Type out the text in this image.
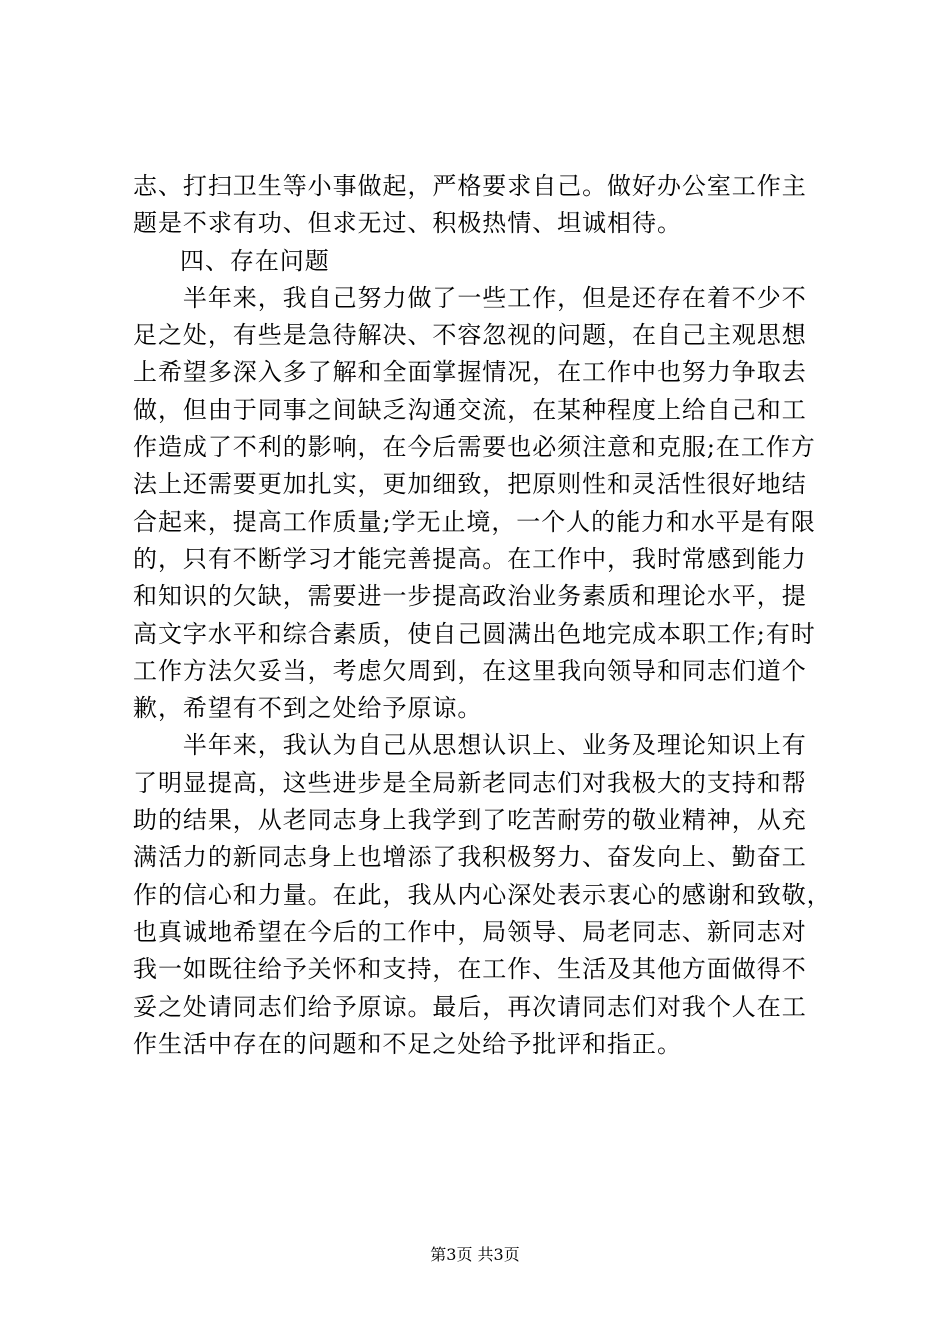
志、打扫卫生等小事做起，严格要求自己。做好办公室工作主
题是不求有功、但求无过、积极热情、坦诚相待。
四、存在问题
　　半年来，我自己努力做了一些工作，但是还存在着不少不
足之处，有些是急待解决、不容忽视的问题，在自己主观思想
上希望多深入多了解和全面掌握情况，在工作中也努力争取去
做，但由于同事之间缺乏沟通交流，在某种程度上给自己和工
作造成了不利的影响，在今后需要也必须注意和克服;在工作方
法上还需要更加扎实，更加细致，把原则性和灵活性很好地结
合起来，提高工作质量;学无止境，一个人的能力和水平是有限
的，只有不断学习才能完善提高。在工作中，我时常感到能力
和知识的欠缺，需要进一步提高政治业务素质和理论水平，提
高文字水平和综合素质，使自己圆满出色地完成本职工作;有时
工作方法欠妥当，考虑欠周到，在这里我向领导和同志们道个
歉，希望有不到之处给予原谅。
　　半年来，我认为自己从思想认识上、业务及理论知识上有
了明显提高，这些进步是全局新老同志们对我极大的支持和帮
助的结果，从老同志身上我学到了吃苦耐劳的敬业精神，从充
满活力的新同志身上也增添了我积极努力、奋发向上、勤奋工
作的信心和力量。在此，我从内心深处表示衷心的感谢和致敬，
也真诚地希望在今后的工作中，局领导、局老同志、新同志对
我一如既往给予关怀和支持，在工作、生活及其他方面做得不
妥之处请同志们给予原谅。最后，再次请同志们对我个人在工
作生活中存在的问题和不足之处给予批评和指正。
第3页 共3页
